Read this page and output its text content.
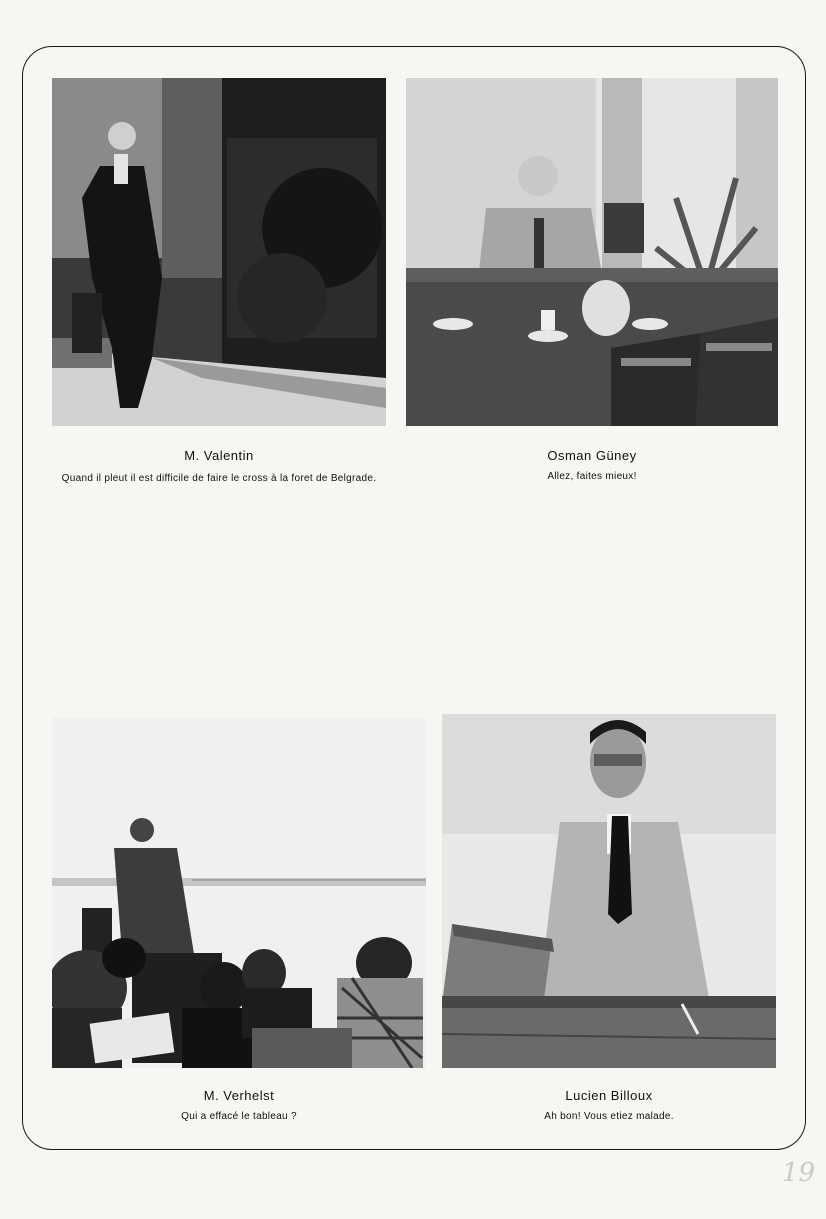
M. Valentin
Quand il pleut il est difficile de faire le cross à la foret de Belgrade.
Osman Güney
Allez, faites mieux!
M. Verhelst
Qui a effacé le tableau ?
Lucien Billoux
Ah bon! Vous etiez malade.
19
